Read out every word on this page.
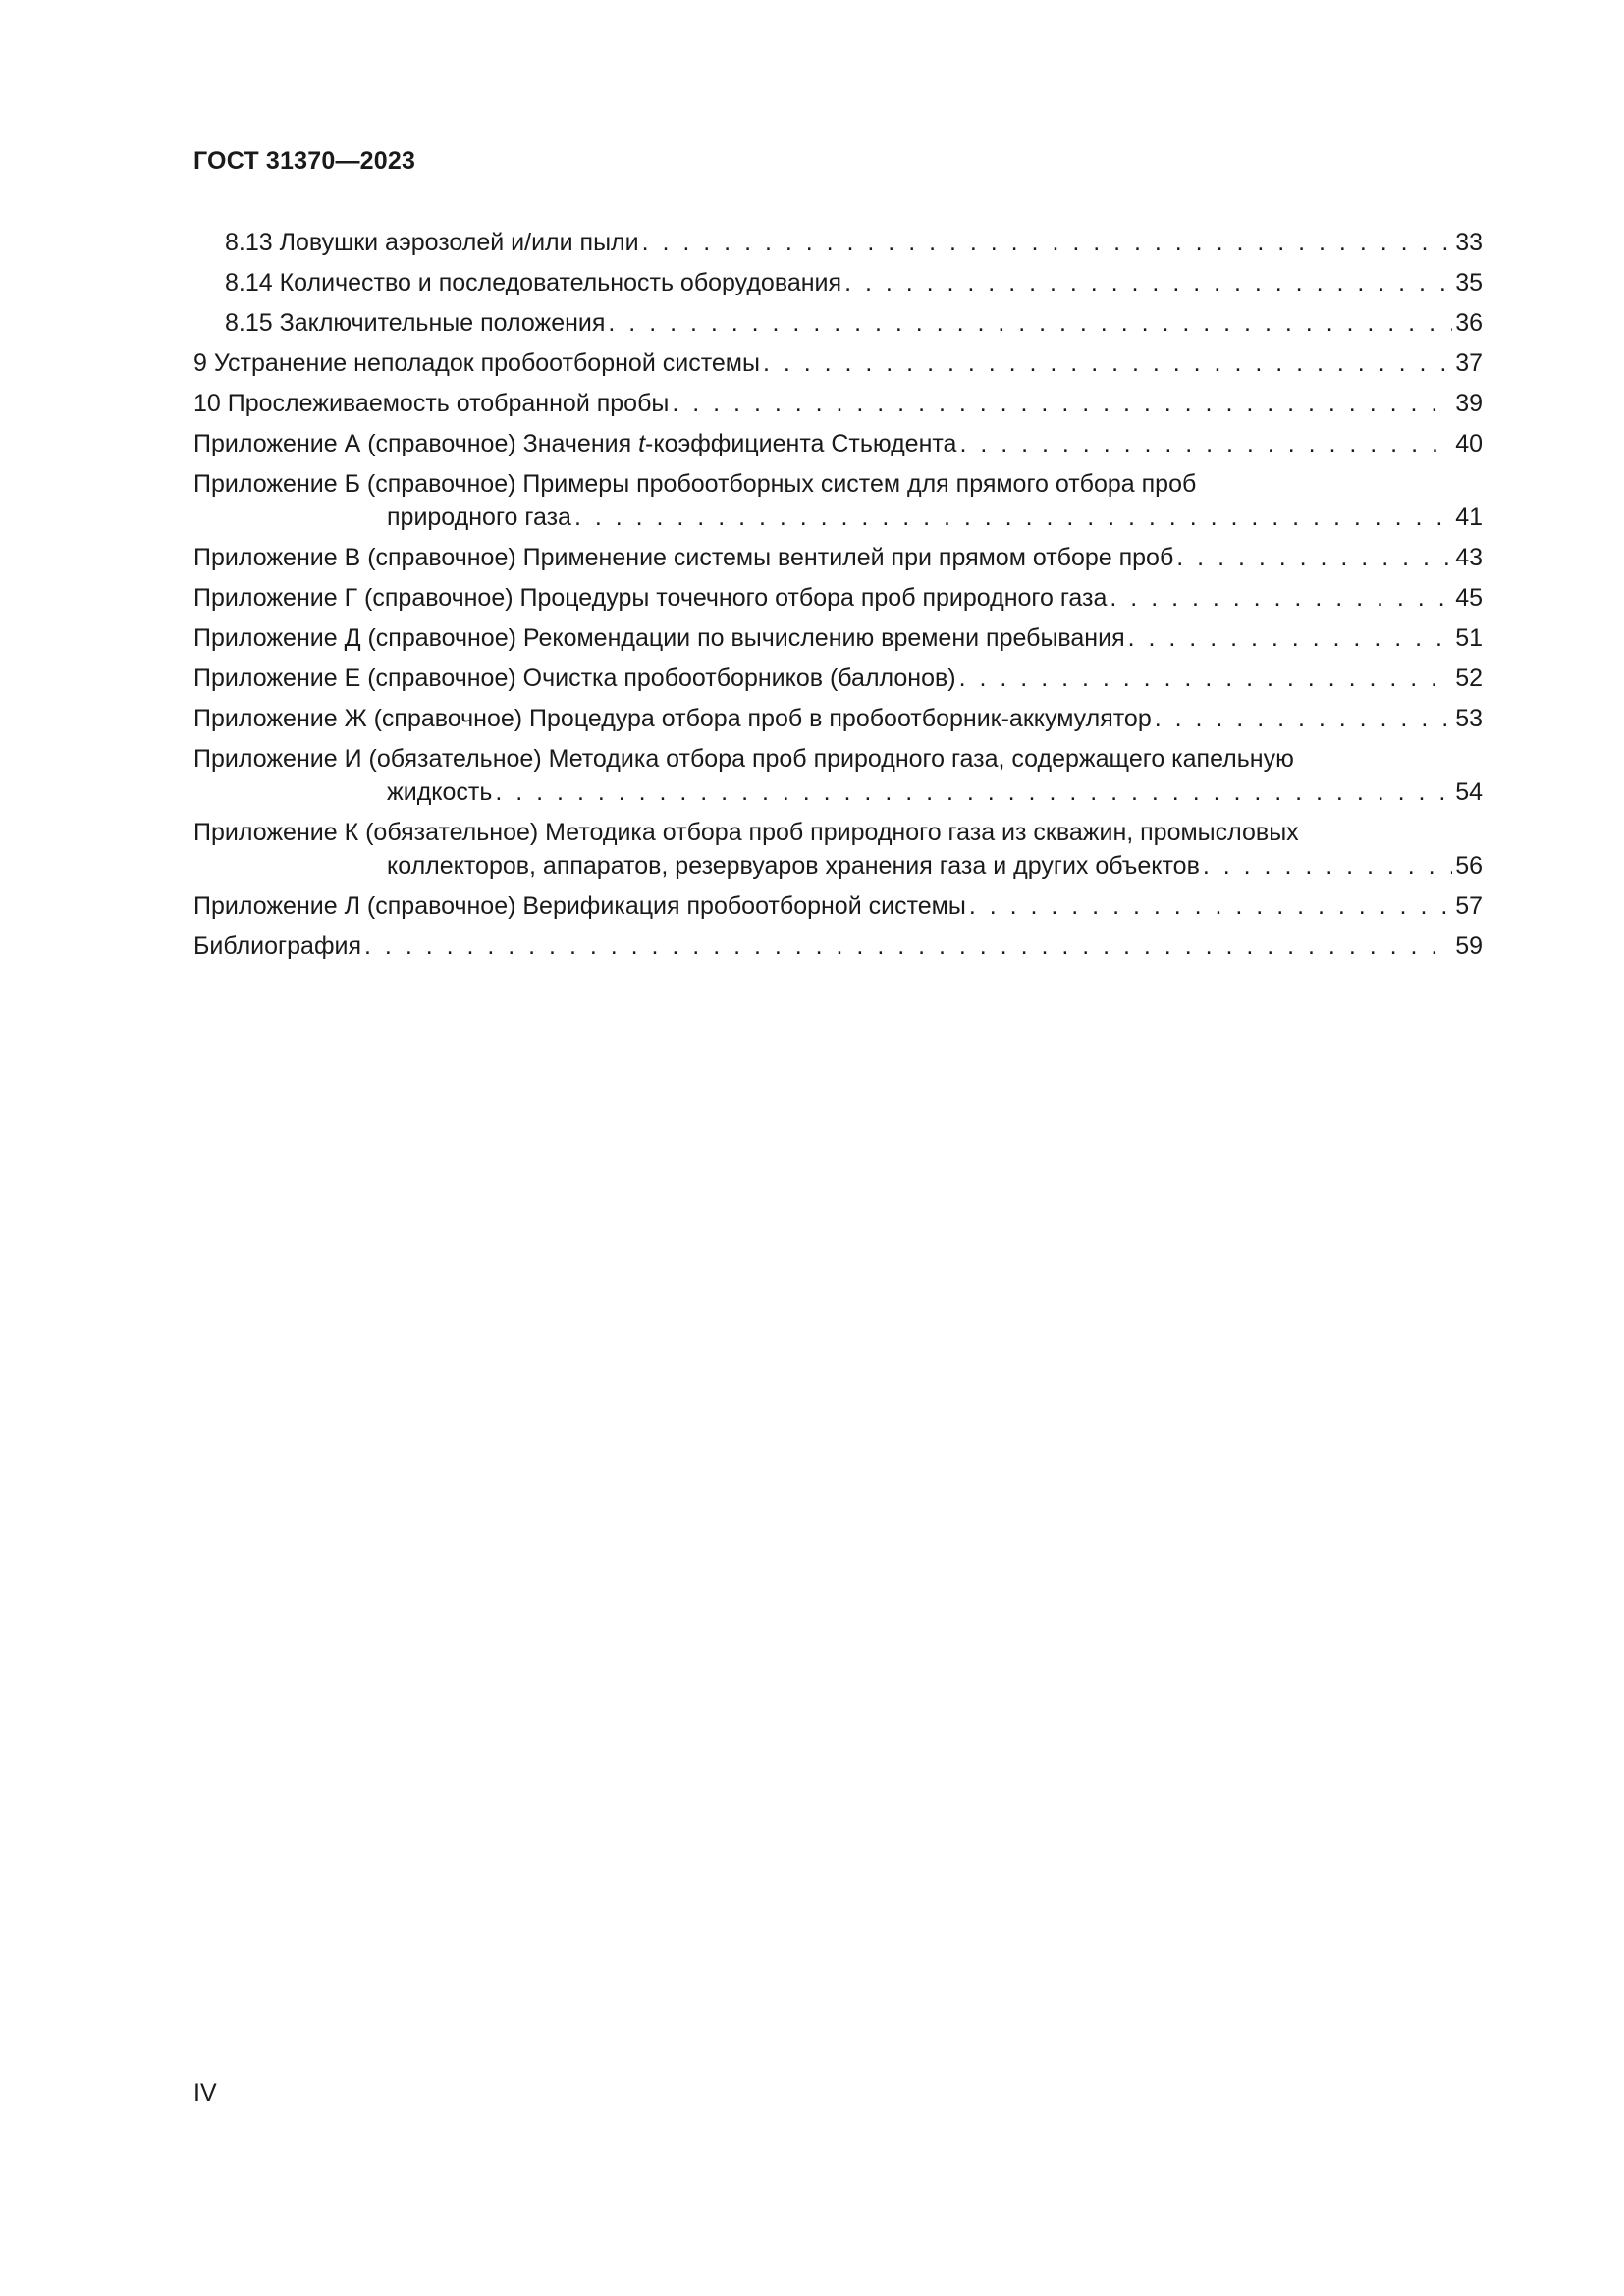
ГОСТ 31370—2023
8.13 Ловушки аэрозолей и/или пыли . . .	33
8.14 Количество и последовательность оборудования . . .	35
8.15 Заключительные положения . . .	36
9 Устранение неполадок пробоотборной системы . . .	37
10 Прослеживаемость отобранной пробы . . .	39
Приложение А (справочное) Значения t-коэффициента Стьюдента . . .	40
Приложение Б (справочное) Примеры пробоотборных систем для прямого отбора проб
природного газа . . .	41
Приложение В (справочное) Применение системы вентилей при прямом отборе проб . . .	43
Приложение Г (справочное) Процедуры точечного отбора проб природного газа . . .	45
Приложение Д (справочное) Рекомендации по вычислению времени пребывания . . .	51
Приложение Е (справочное) Очистка пробоотборников (баллонов) . . .	52
Приложение Ж (справочное) Процедура отбора проб в пробоотборник-аккумулятор . . .	53
Приложение И (обязательное) Методика отбора проб природного газа, содержащего капельную
жидкость . . .	54
Приложение К (обязательное) Методика отбора проб природного газа из скважин, промысловых
коллекторов, аппаратов, резервуаров хранения газа и других объектов . . .	56
Приложение Л (справочное) Верификация пробоотборной системы . . .	57
Библиография . . .	59
IV
